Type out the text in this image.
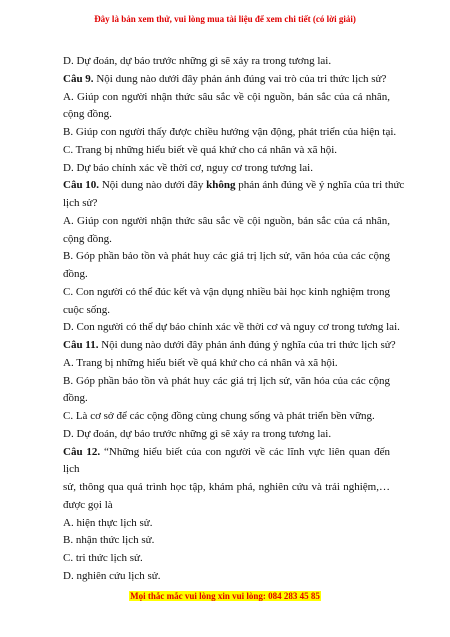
Đây là bản xem thử, vui lòng mua tài liệu để xem chi tiết (có lời giải)
D. Dự đoán, dự báo trước những gì sẽ xảy ra trong tương lai.
Câu 9. Nội dung nào dưới đây phản ánh đúng vai trò của tri thức lịch sử?
A. Giúp con người nhận thức sâu sắc về cội nguồn, bản sắc của cá nhân,
cộng đồng.
B. Giúp con người thấy được chiều hướng vận động, phát triển của hiện tại.
C. Trang bị những hiểu biết về quá khứ cho cá nhân và xã hội.
D. Dự báo chính xác về thời cơ, nguy cơ trong tương lai.
Câu 10. Nội dung nào dưới đây không phản ánh đúng về ý nghĩa của tri thức
lịch sử?
A. Giúp con người nhận thức sâu sắc về cội nguồn, bản sắc của cá nhân,
cộng đồng.
B. Góp phần bảo tồn và phát huy các giá trị lịch sử, văn hóa của các cộng
đồng.
C. Con người có thể đúc kết và vận dụng nhiều bài học kinh nghiệm trong
cuộc sống.
D. Con người có thể dự báo chính xác về thời cơ và nguy cơ trong tương lai.
Câu 11. Nội dung nào dưới đây phản ánh đúng ý nghĩa của tri thức lịch sử?
A. Trang bị những hiểu biết về quá khứ cho cá nhân và xã hội.
B. Góp phần bảo tồn và phát huy các giá trị lịch sử, văn hóa của các cộng
đồng.
C. Là cơ sở để các cộng đồng cùng chung sống và phát triển bền vững.
D. Dự đoán, dự báo trước những gì sẽ xảy ra trong tương lai.
Câu 12. “Những hiểu biết của con người về các lĩnh vực liên quan đến lịch
sử, thông qua quá trình học tập, khám phá, nghiên cứu và trải nghiệm,…
được gọi là
A. hiện thực lịch sử.
B. nhận thức lịch sử.
C. tri thức lịch sử.
D. nghiên cứu lịch sử.
Mọi thắc mắc vui lòng xin vui lòng: 084 283 45 85
